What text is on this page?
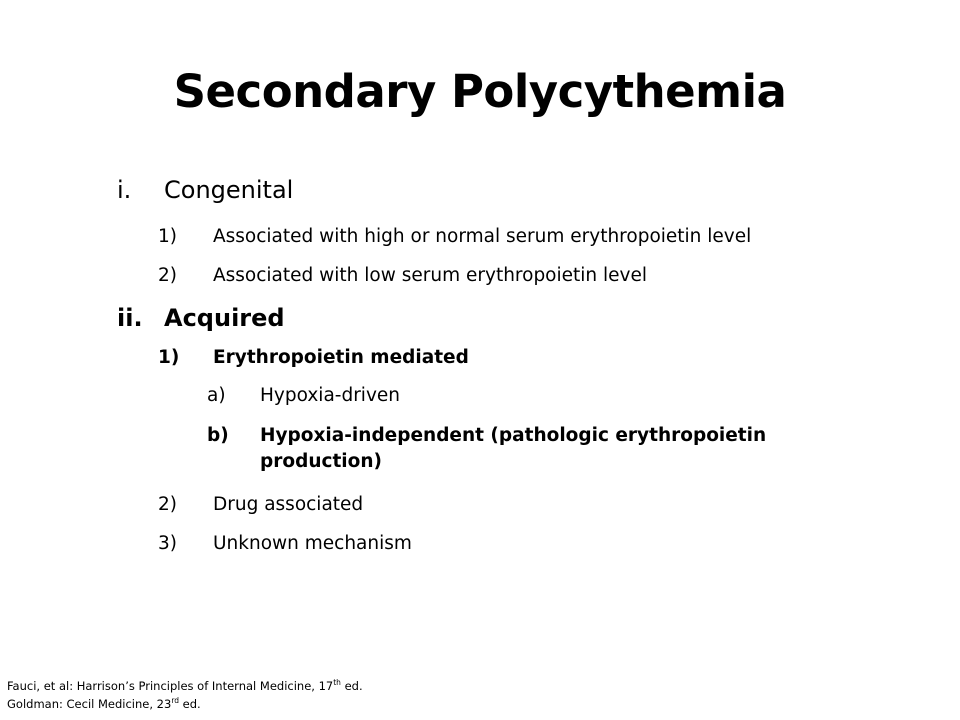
Secondary Polycythemia
i.	Congenital
1)	Associated with high or normal serum erythropoietin level
2)	Associated with low serum erythropoietin level
ii. Acquired
1)	Erythropoietin mediated
a)	Hypoxia-driven
b)	Hypoxia-independent (pathologic erythropoietin production)
2)	Drug associated
3)	Unknown mechanism
Fauci, et al: Harrison’s Principles of Internal Medicine, 17th ed.
Goldman: Cecil Medicine, 23rd ed.
